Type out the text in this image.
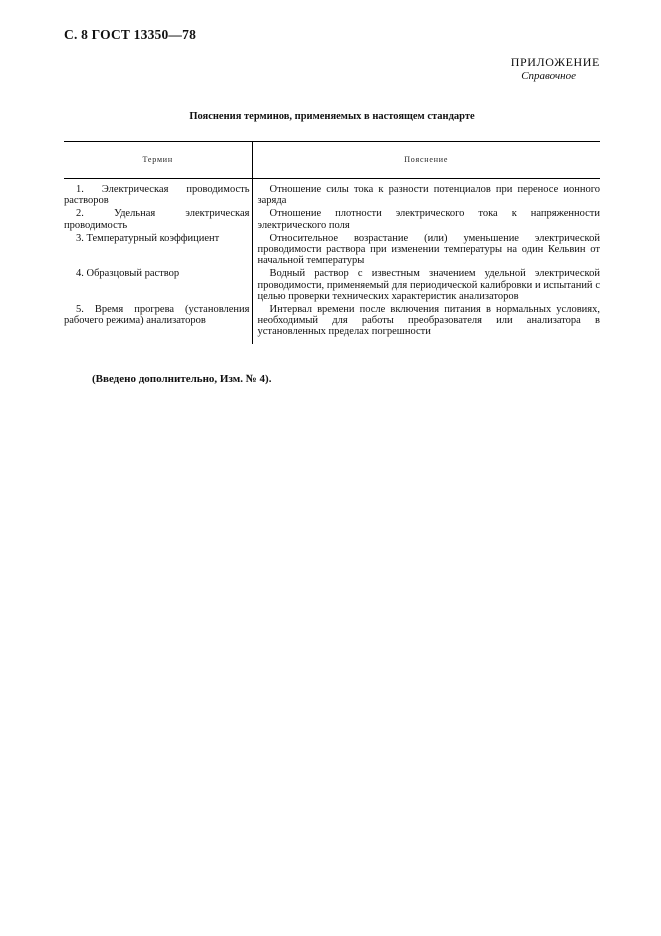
С. 8 ГОСТ 13350—78
ПРИЛОЖЕНИЕ
Справочное
Пояснения терминов, применяемых в настоящем стандарте
Термин	Пояснение
1. Электрическая проводимость растворов	Отношение силы тока к разности потенциалов при переносе ионного заряда
2. Удельная электрическая проводимость	Отношение плотности электрического тока к напряженности электрического поля
3. Температурный коэффициент	Относительное возрастание (или) уменьшение электрической проводимости раствора при изменении температуры на один Кельвин от начальной температуры
4. Образцовый раствор	Водный раствор с известным значением удельной электрической проводимости, применяемый для периодической калибровки и испытаний с целью проверки технических характеристик анализаторов
5. Время прогрева (установления рабочего режима) анализаторов	Интервал времени после включения питания в нормальных условиях, необходимый для работы преобразователя или анализатора в установленных пределах погрешности
(Введено дополнительно, Изм. № 4).
